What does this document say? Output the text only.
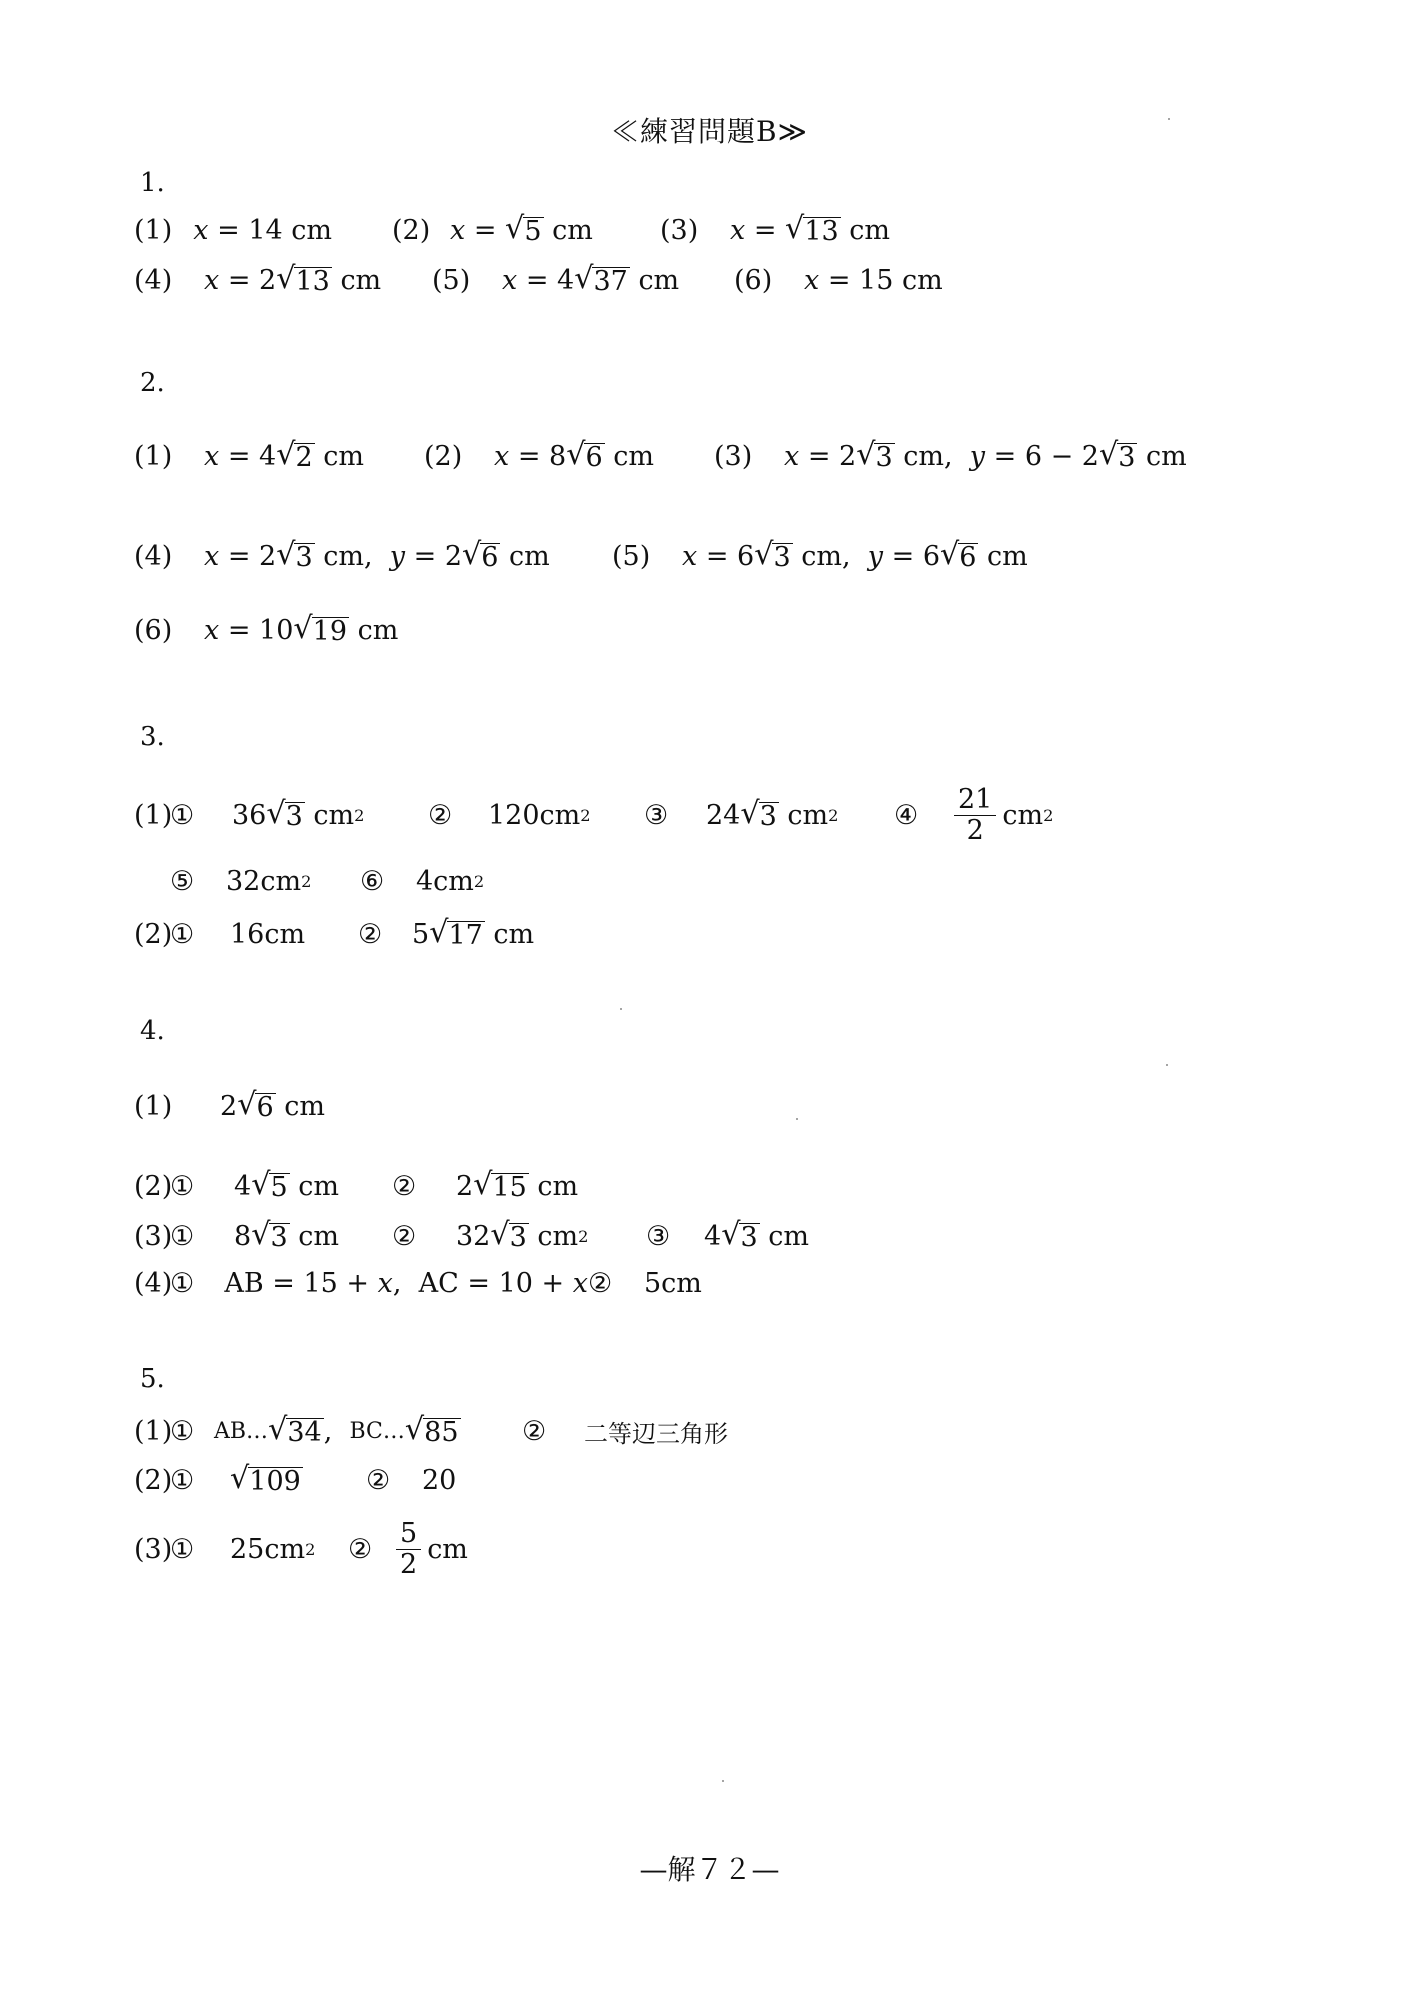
≪練習問題B≫
1.
(1) x
= 14 cm (2) x
=
√ 5
cm (3)	x
=
√ 13
cm
(4)	x
= 2 √ 13
cm (5)	x
= 4 √ 37
cm (6)	x
= 15 cm
2.
(1)	x
= 4 √ 2
cm (2)	x
= 8 √ 6
cm (3)	x
= 2 √ 3
cm,
y
= 6 − 2 √ 3
cm
(4)	x
= 2 √ 3
cm,
y
= 2 √ 6
cm (5)	x
= 6 √ 3
cm,
y
= 6 √ 6
cm
(6)	x
= 10 √ 19
cm
3.
(1)
①	36 √ 3
cm 2 ②	120cm 2 ③	24 √ 3
cm 2 ④	$\frac{21}{2}$ cm 2
⑤	32cm 2 ⑥	4cm 2
(2)
①	16cm ②	5 √ 17
cm
4.
(1)	2 √ 6
cm
(2)
①	4 √ 5
cm ②	2 √ 15
cm
(3)
①	8 √ 3
cm ②	32 √ 3
cm 2 ③	4 √ 3
cm
(4)
①	AB = 15 +
x ,
AC = 10 +
x ②	5cm
5.
(1)
① AB… √ 34 ,
BC… √ 85 ②	二等辺三角形
(2)
①	√ 109 ②	20
(3)
①	25cm 2 ② $\frac{5}{2}$ cm
—解７２—
